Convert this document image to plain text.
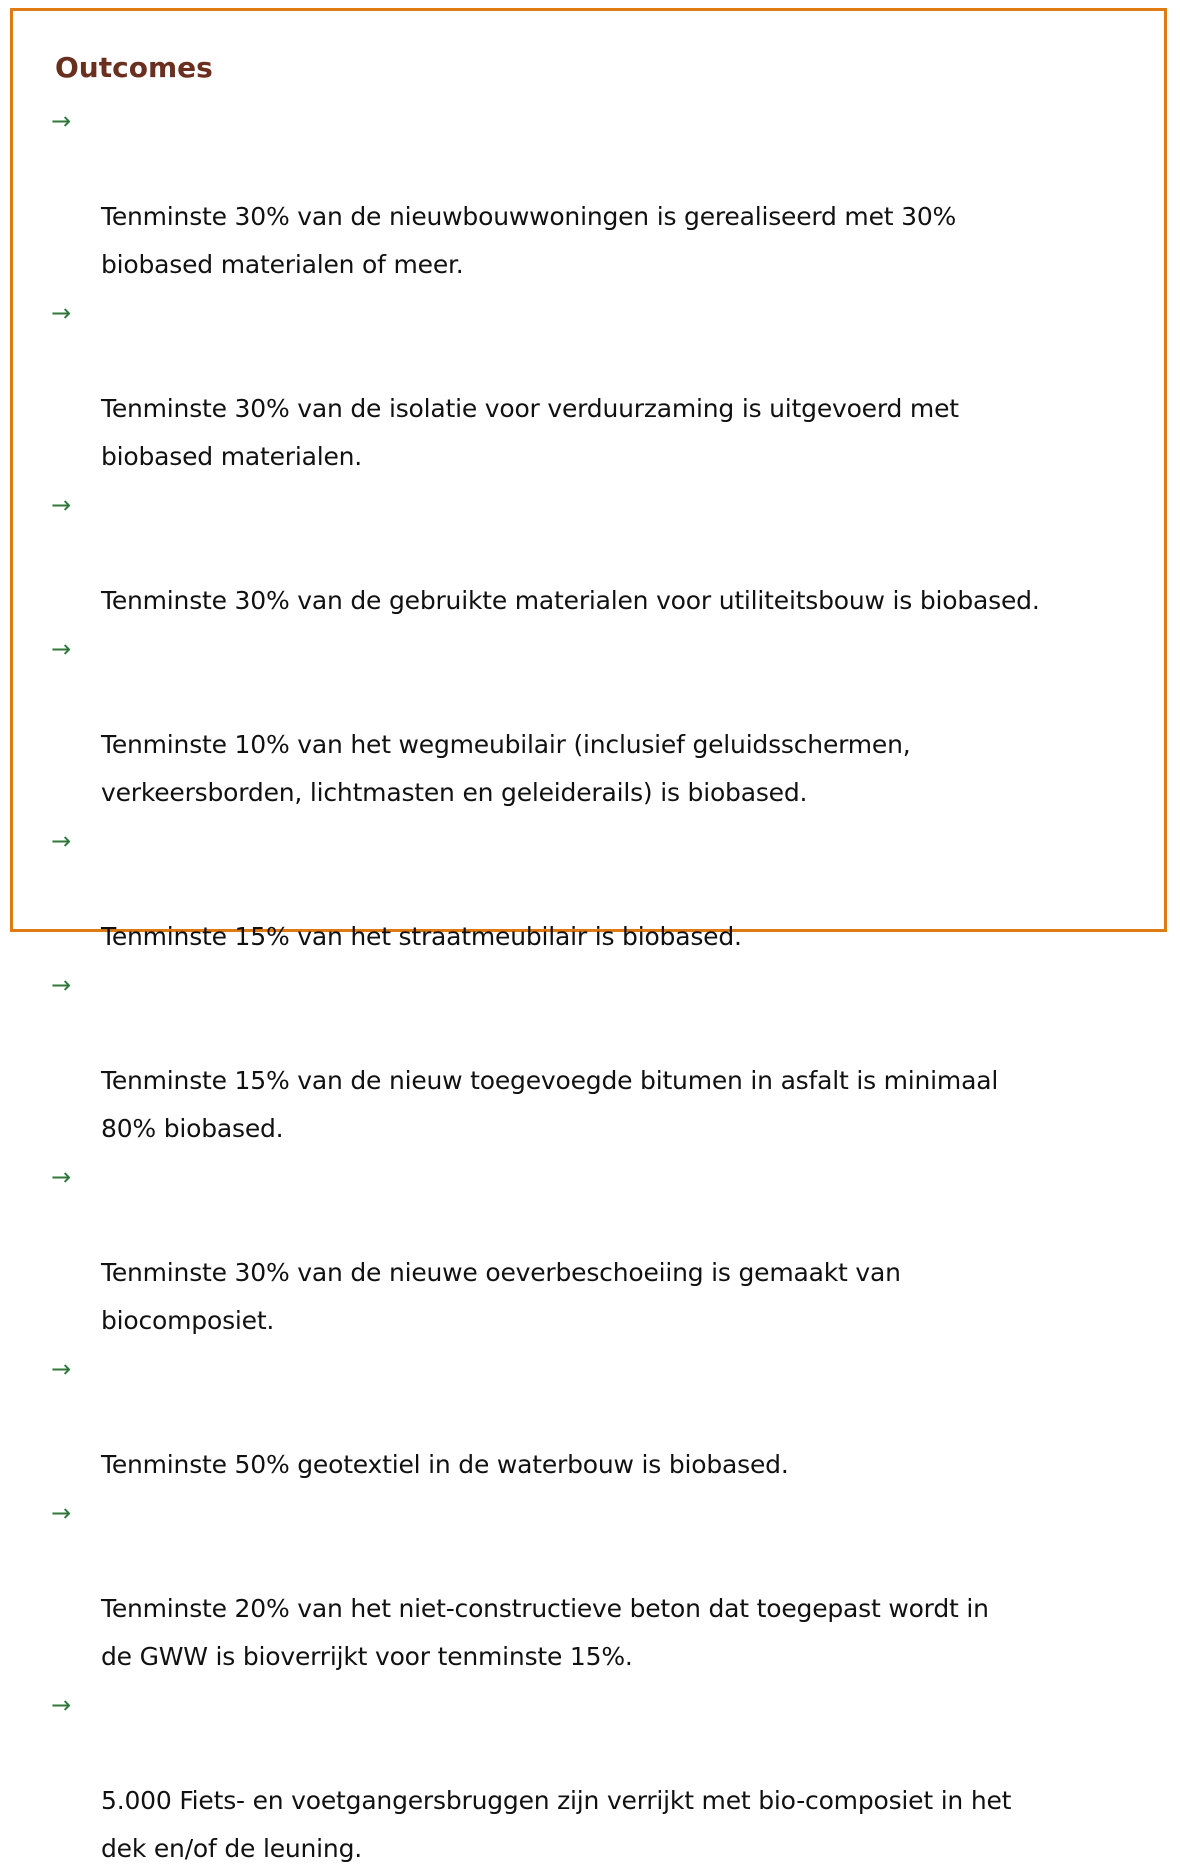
Outcomes

→

Tenminste 30% van de nieuwbouwwoningen is gerealiseerd met 30%
biobased materialen of meer.

→

Tenminste 30% van de isolatie voor verduurzaming is uitgevoerd met
biobased materialen.

→

Tenminste 30% van de gebruikte materialen voor utiliteitsbouw is biobased.

→

Tenminste 10% van het wegmeubilair (inclusief geluidsschermen,
verkeersborden, lichtmasten en geleiderails) is biobased.

→

Tenminste 15% van het straatmeubilair is biobased.

→

Tenminste 15% van de nieuw toegevoegde bitumen in asfalt is minimaal
80% biobased.

→

Tenminste 30% van de nieuwe oeverbeschoeiing is gemaakt van
biocomposiet.

→

Tenminste 50% geotextiel in de waterbouw is biobased.

→

Tenminste 20% van het niet-constructieve beton dat toegepast wordt in
de GWW is bioverrijkt voor tenminste 15%.

→

5.000 Fiets- en voetgangersbruggen zijn verrijkt met bio-composiet in het
dek en/of de leuning.
